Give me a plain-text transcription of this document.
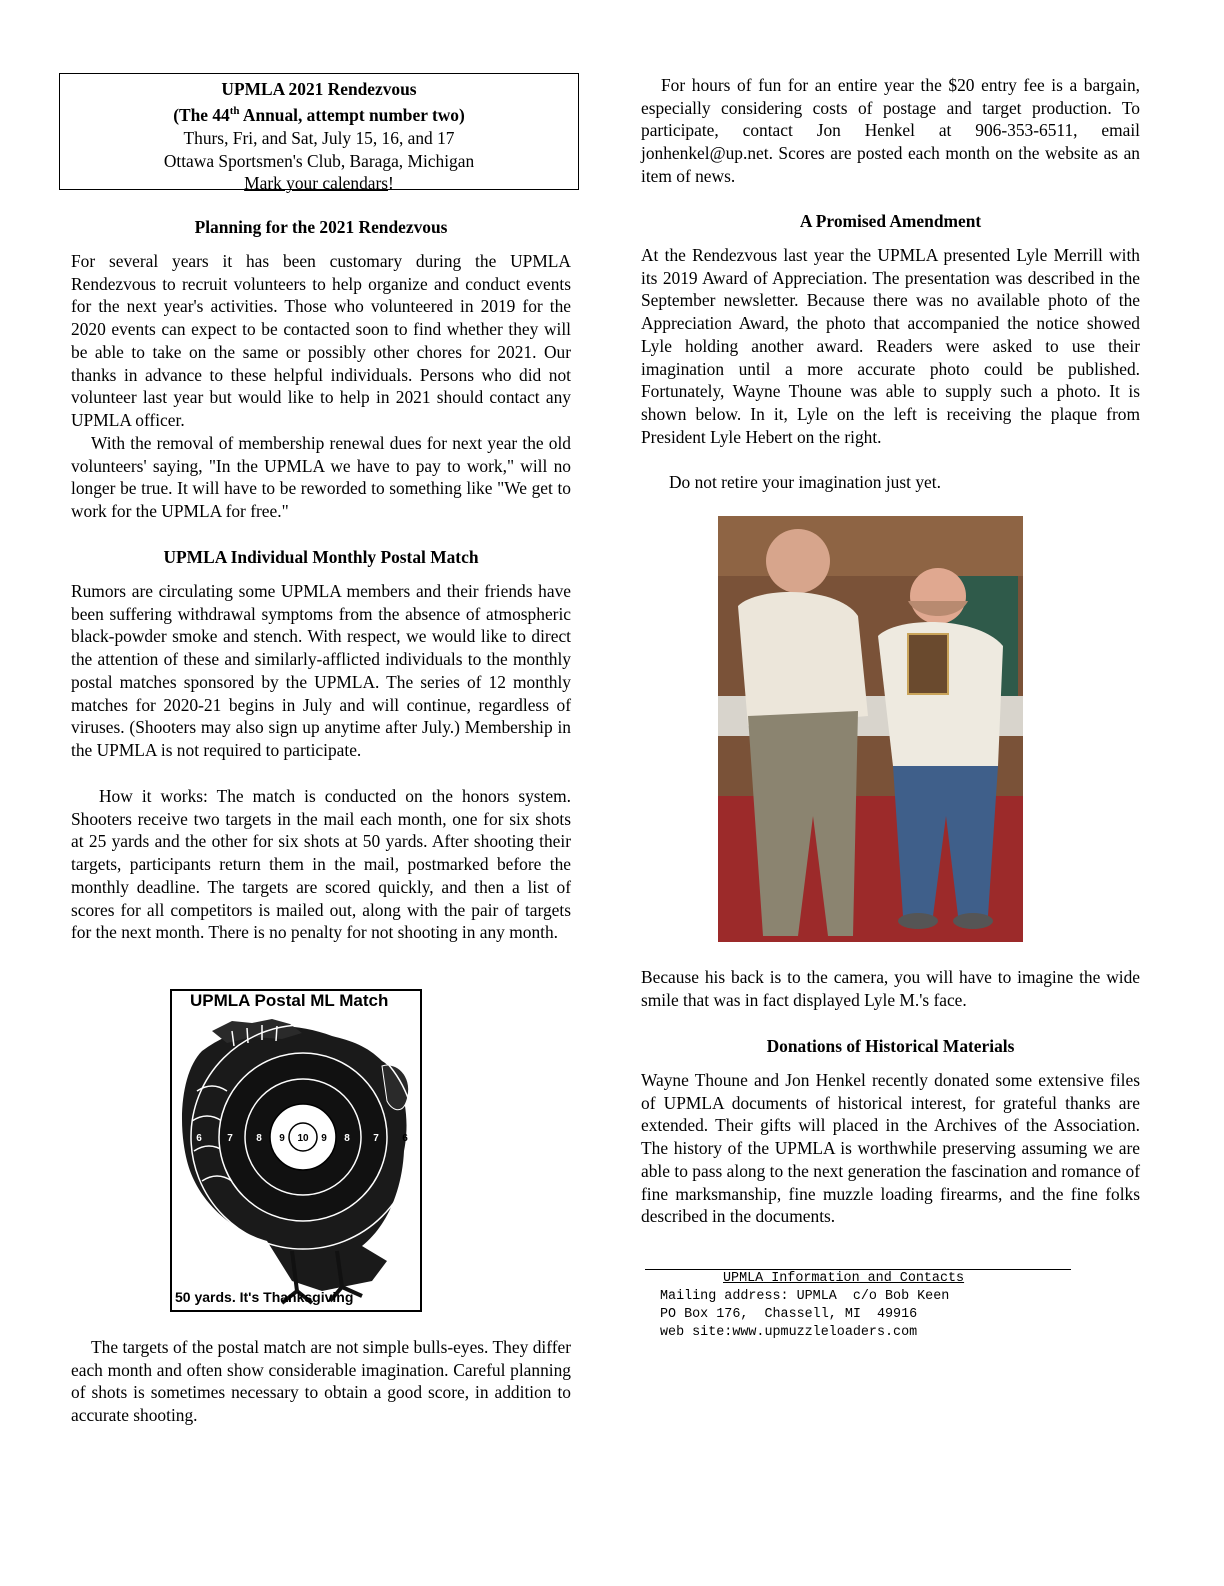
UPMLA 2021 Rendezvous
(The 44th Annual, attempt number two)
Thurs, Fri, and Sat, July 15, 16, and 17
Ottawa Sportsmen's Club, Baraga, Michigan
Mark your calendars!
Planning for the 2021 Rendezvous

For several years it has been customary during the UPMLA Rendezvous to recruit volunteers to help organize and conduct events for the next year's activities. Those who volunteered in 2019 for the 2020 events can expect to be contacted soon to find whether they will be able to take on the same or possibly other chores for 2021. Our thanks in advance to these helpful individuals. Persons who did not volunteer last year but would like to help in 2021 should contact any UPMLA officer.

With the removal of membership renewal dues for next year the old volunteers' saying, "In the UPMLA we have to pay to work," will no longer be true. It will have to be reworded to something like "We get to work for the UPMLA for free."

UPMLA Individual Monthly Postal Match

Rumors are circulating some UPMLA members and their friends have been suffering withdrawal symptoms from the absence of atmospheric black-powder smoke and stench. With respect, we would like to direct the attention of these and similarly-afflicted individuals to the monthly postal matches sponsored by the UPMLA. The series of 12 monthly matches for 2020-21 begins in July and will continue, regardless of viruses. (Shooters may also sign up anytime after July.) Membership in the UPMLA is not required to participate.

How it works: The match is conducted on the honors system. Shooters receive two targets in the mail each month, one for six shots at 25 yards and the other for six shots at 50 yards. After shooting their targets, participants return them in the mail, postmarked before the monthly deadline. The targets are scored quickly, and then a list of scores for all competitors is mailed out, along with the pair of targets for the next month. There is no penalty for not shooting in any month.

The targets of the postal match are not simple bulls-eyes. They differ each month and often show considerable imagination. Careful planning of shots is sometimes necessary to obtain a good score, in addition to accurate shooting.

UPMLA Postal ML Match
6	7 8 9 10 9 8 7 6
50 yards. It's Thanksgiving

For hours of fun for an entire year the $20 entry fee is a bargain, especially considering costs of postage and target production. To participate, contact Jon Henkel at 906-353-6511, email jonhenkel@up.net. Scores are posted each month on the website as an item of news.

A Promised Amendment

At the Rendezvous last year the UPMLA presented Lyle Merrill with its 2019 Award of Appreciation. The presentation was described in the September newsletter. Because there was no available photo of the Appreciation Award, the photo that accompanied the notice showed Lyle holding another award. Readers were asked to use their imagination until a more accurate photo could be published. Fortunately, Wayne Thoune was able to supply such a photo. It is shown below. In it, Lyle on the left is receiving the plaque from President Lyle Hebert on the right.

Do not retire your imagination just yet.

Because his back is to the camera, you will have to imagine the wide smile that was in fact displayed Lyle M.'s face.

Donations of Historical Materials

Wayne Thoune and Jon Henkel recently donated some extensive files of UPMLA documents of historical interest, for grateful thanks are extended. Their gifts will placed in the Archives of the Association. The history of the UPMLA is worthwhile preserving assuming we are able to pass along to the next generation the fascination and romance of fine marksmanship, fine muzzle loading firearms, and the fine folks described in the documents.

UPMLA Information and Contacts
Mailing address: UPMLA  c/o Bob Keen
PO Box 176,  Chassell, MI  49916
web site:www.upmuzzleloaders.com
